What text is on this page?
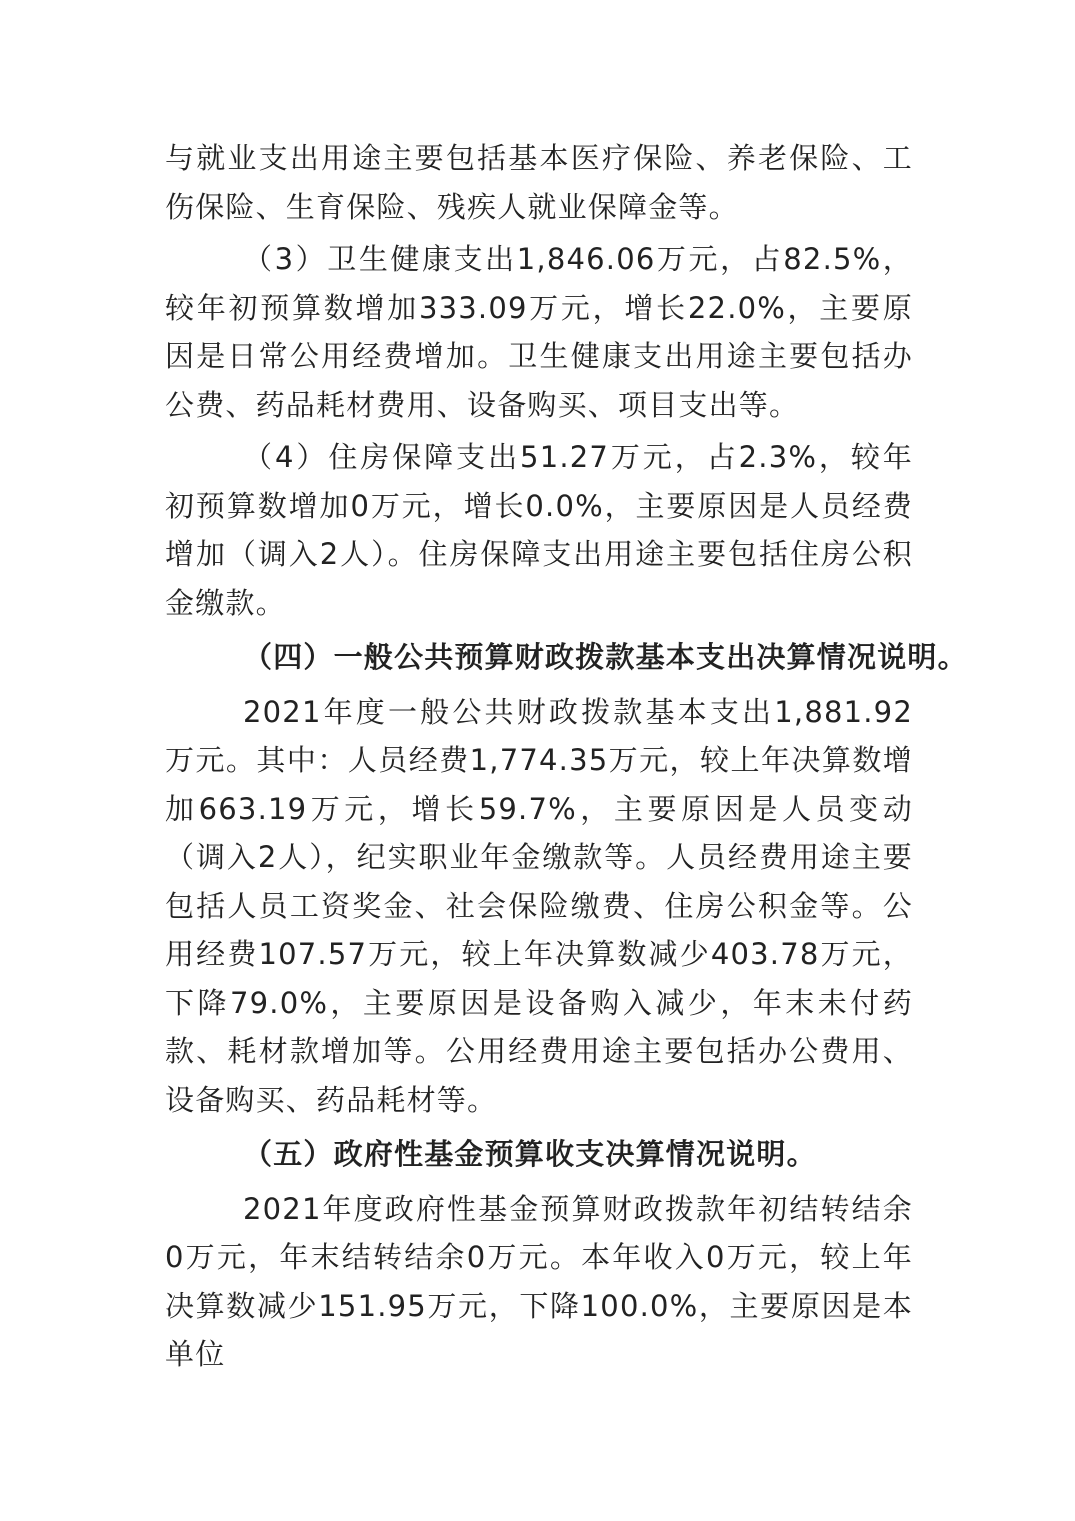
与就业支出用途主要包括基本医疗保险、养老保险、工伤保险、生育保险、残疾人就业保障金等。

（3）卫生健康支出1,846.06万元，占82.5%，较年初预算数增加333.09万元，增长22.0%，主要原因是日常公用经费增加。卫生健康支出用途主要包括办公费、药品耗材费用、设备购买、项目支出等。

（4）住房保障支出51.27万元，占2.3%，较年初预算数增加0万元，增长0.0%，主要原因是人员经费增加（调入2人）。住房保障支出用途主要包括住房公积金缴款。

（四）一般公共预算财政拨款基本支出决算情况说明。

2021年度一般公共财政拨款基本支出1,881.92万元。其中：人员经费1,774.35万元，较上年决算数增加663.19万元，增长59.7%，主要原因是人员变动（调入2人），纪实职业年金缴款等。人员经费用途主要包括人员工资奖金、社会保险缴费、住房公积金等。公用经费107.57万元，较上年决算数减少403.78万元，下降79.0%，主要原因是设备购入减少，年末未付药款、耗材款增加等。公用经费用途主要包括办公费用、设备购买、药品耗材等。

（五）政府性基金预算收支决算情况说明。

2021年度政府性基金预算财政拨款年初结转结余0万元，年末结转结余0万元。本年收入0万元，较上年决算数减少151.95万元，下降100.0%，主要原因是本单位
